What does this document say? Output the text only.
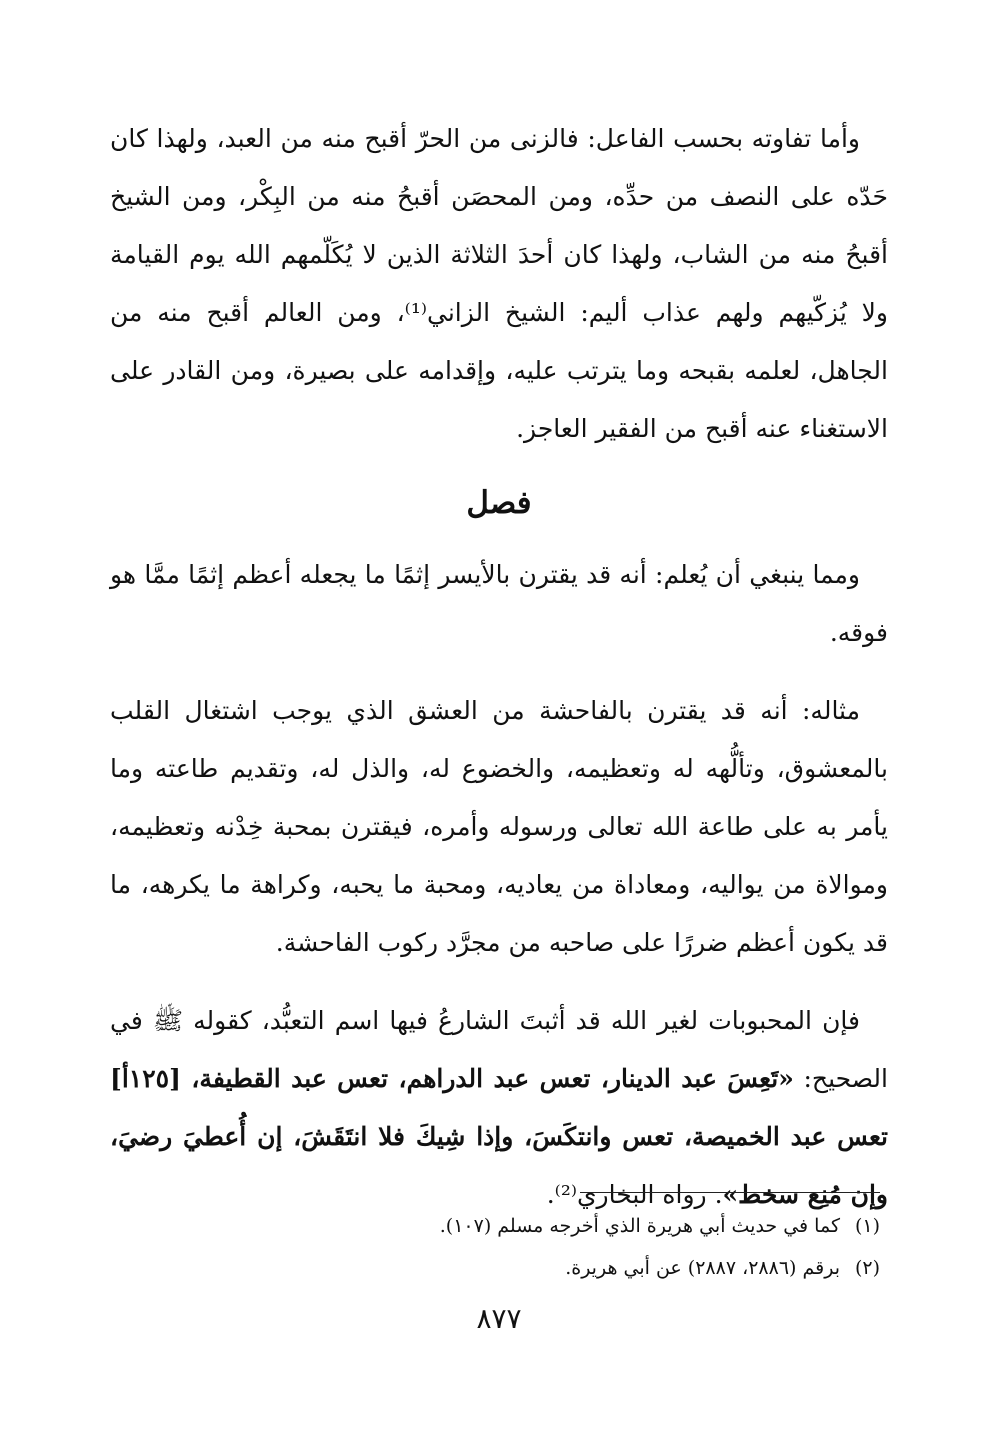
وأما تفاوته بحسب الفاعل: فالزنى من الحرّ أقبح منه من العبد، ولهذا كان حَدّه على النصف من حدِّه، ومن المحصَن أقبحُ منه من البِكْر، ومن الشيخ أقبحُ منه من الشاب، ولهذا كان أحدَ الثلاثة الذين لا يُكَلّمهم الله يوم القيامة ولا يُزكّيهم ولهم عذاب أليم: الشيخ الزاني⁽¹⁾، ومن العالم أقبح منه من الجاهل، لعلمه بقبحه وما يترتب عليه، وإقدامه على بصيرة، ومن القادر على الاستغناء عنه أقبح من الفقير العاجز.

فصل

ومما ينبغي أن يُعلم: أنه قد يقترن بالأيسر إثمًا ما يجعله أعظم إثمًا ممَّا هو فوقه.

مثاله: أنه قد يقترن بالفاحشة من العشق الذي يوجب اشتغال القلب بالمعشوق، وتألُّهه له وتعظيمه، والخضوع له، والذل له، وتقديم طاعته وما يأمر به على طاعة الله تعالى ورسوله وأمره، فيقترن بمحبة خِدْنه وتعظيمه، وموالاة من يواليه، ومعاداة من يعاديه، ومحبة ما يحبه، وكراهة ما يكرهه، ما قد يكون أعظم ضررًا على صاحبه من مجرَّد ركوب الفاحشة.

فإن المحبوبات لغير الله قد أثبتَ الشارعُ فيها اسم التعبُّد، كقوله ﷺ في الصحيح: «تَعِسَ عبد الدينار، تعس عبد الدراهم، تعس عبد القطيفة، [١٢٥أ] تعس عبد الخميصة، تعس وانتكَسَ، وإذا شِيكَ فلا انتَقَشَ، إن أُعطيَ رضيَ، وإن مُنِع سخط». رواه البخاري⁽²⁾.

(١)كما في حديث أبي هريرة الذي أخرجه مسلم (١٠٧).
(٢)برقم (٢٨٨٦، ٢٨٨٧) عن أبي هريرة.
٨٧٧
